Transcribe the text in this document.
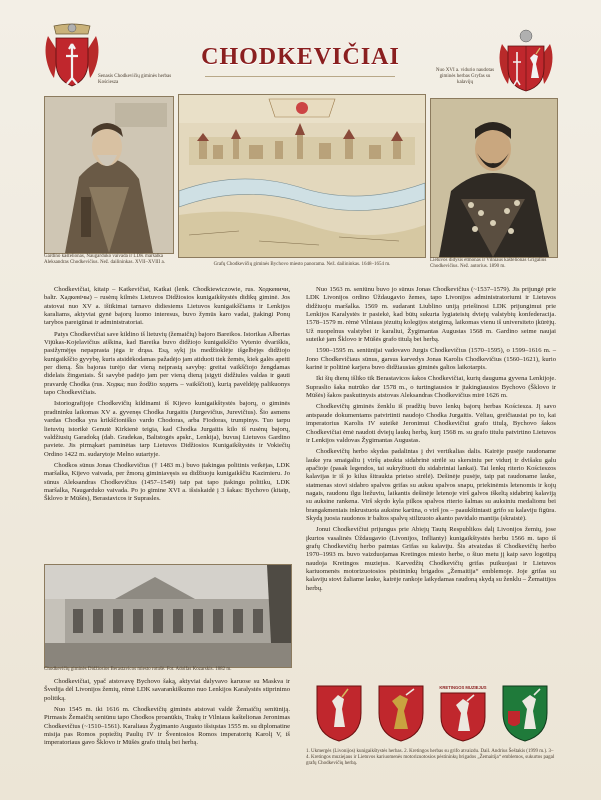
Senasis Chodkevičių giminės herbas Kościesza
CHODKEVIČIAI
Nuo XVI a. vidurio naudotas giminės herbas Gryfas su kalavijų
Gardino kaštelionas, Naugarduko vaivada ir LDK maršalka Aleksandras Chodkevičius. Než. dailininkas. XVII–XVIII a.	Grafų Chodkevičių giminės Bychovo miesto panorama. Než. dailininkas. 1648–1654 m.
Lietuvos didysis etmonas ir Vilniaus kaštelionas Grigalius Chodkevičius. Než. autorius. 1890 m.

Chodkevičiai, kitaip – Katkevičiai, Katkai (lenk. Chodkiewiczowie, rus. Ходкевичи, baltr. Хадкевічы) – rusėnų kilmės Lietuvos Didžiosios kunigaikštystės didikų giminė. Jos atstovai nuo XV a. ištikimai tarnavo didiesiems Lietuvos kunigaikščiams ir Lenkijos karaliams, aktyviai gynė bajorų luomo interesus, buvo žymūs karo vadai, įtakingi Ponų tarybos pareigūnai ir administratoriai.

Patys Chodkevičiai save kildino iš lietuvių (žemaičių) bajoro Bareikos. Istorikas Albertas Vijūkas-Kojelavičius aiškina, kad Bareika buvo didžiojo kunigaikščio Vytenio dvariškis, pasižymėjęs nepaprasta jėga ir drąsa. Esą, sykį jis medžioklėje išgelbėjęs didžiojo kunigaikščio gyvybę, kuris atsidėkodamas pažadėjo jam atiduoti tiek žemės, kiek galės apeiti per dieną. Šis bajoras turėjo dar vieną neįprastą savybę: greitai vaikščiojo žengdamas didelais žingsniais. Ši savybė padėjo jam per vieną dieną įsigyti didžiules valdas ir gauti pravardę Chodka (rus. Ходка; nuo žodžio ходить – vaikščioti), kurią pavėldėję palikuonys tapo Chodkevičiais.

Istoriografijoje Chodkevičių kildinami iš Kijevo kunigaikštystės bajorų, o giminės pradininku laikomas XV a. gyvenęs Chodka Jurgaitis (Jurgevičius, Jurevičius). Šio asmens vardas Chodka yra krikščioniško vardo Chodoras, arba Fiodoras, trumpinys. Tuo tarpu lietuvių istorikė Genutė Kirkienė teigia, kad Chodka Jurgaitis kilo iš rusėnų bajorų, valdžiusių Garadoką (dab. Gradekas, Baltstogės apskr., Lenkija), buvusį Lietuvos Gardino paviete. Jis pirmąkart paminėtas tarp Lietuvos Didžiosios Kunigaikštystės ir Vokiečių Ordino 1422 m. sudarytoje Melno sutartyje.

Chodkos sūnus Jonas Chodkevičius († 1483 m.) buvo įtakingas politinis veikėjas, LDK maršalka, Kijevo vaivada, per žmoną giminiavęsis su didžiuoju kunigaikščiu Kazimieru. Jo sūnus Aleksandras Chodkevičius (1457–1549) taip pat tapo įtakingu politiku, LDK maršalka, Naugarduko vaivada. Po jo gimine XVI a. išsiskaidė į 3 šakas: Bychovo (kitaip, Šklovo ir Mūšės), Berastavicos ir Suprasles.

Chodkevičių giminės Didžiosios Berastavicos miesto rotušė. Fot. Adolfas Kozarskis. 1882 m.

Chodkevičiai, ypač atstovavę Bychovo šaką, aktyviai dalyvavo karuose su Maskva ir Švedija dėl Livonijos žemių, rėmė LDK savarankiškumo nuo Lenkijos Karalystės stiprinimo politiką.

Nuo 1545 m. iki 1616 m. Chodkevičių giminės atstovai valdė Žemaičių seniūniją. Pirmasis Žemaičių seniūnu tapo Chodkos proanūkis, Trakų ir Vilniaus kaštelionas Jeronimas Chodkevičius (~1510–1561). Karaliaus Žygimanto Augusto išsiųstas 1555 m. su diplomatine misija pas Romos popiežių Paulių IV ir Šventosios Romos imperatorių Karolį V, iš imperatoriaus gavo Šklovo ir Mūšės grafo titulą bei herbą.

Nuo 1563 m. seniūnu buvo jo sūnus Jonas Chodkevičius (~1537–1579). Jis prijungė prie LDK Livonijos ordino Ūždaugavio žemes, tapo Livonijos administratoriumi ir Lietuvos didžiuoju maršalka. 1569 m. sudarant Liublino uniją priešinosi LDK prijungimui prie Lenkijos Karalystės ir pasiekė, kad būtų sukurta lygiateisių dviejų valstybių konfederacija. 1578–1579 m. rėmė Vilniaus jėzuitų kolegijos steigimą, laikomas vienu iš universiteto įkūrėjų. Už nuopelnus valstybei ir karaliui, Žygimantas Augustas 1568 m. Gardino seime naujai suteikė jam Šklovo ir Mūšės grafo titulą bei herbą.

1590–1595 m. seniūnijai vadovavo Jurgis Chodkevičius (1570–1595), o 1599–1616 m. – Jono Chodkevičiaus sūnus, garsus karvedys Jonas Karolis Chodkevičius (1560–1621), kurio karinė ir politinė karjera buvo didžiausias giminės galios laikotarpis.

Iki šių dienų išliko tik Berastavicos šakos Chodkevičiai, kurių dauguma gyvena Lenkijoje. Suprasliо šaka nutrūko dar 1578 m., o turtingiausios ir įtakingiausios Bychovo (Šklovo ir Mūšės) šakos paskutinysis atstovas Aleksandras Chodkevičius mirė 1626 m.

Chodkevičių giminės ženklu iš pradžių buvo lenkų bajorų herbas Kościesza. Jį savo antspaude dokumentams patvirtinti naudojo Chodka Jurgaitis. Vėliau, greičiausiai po to, kai imperatorius Karolis IV suteikė Jeronimui Chodkevičiui grafo titulą, Bychovo šakos Chodkevičiai ėmė naudoti dviejų laukų herbą, kurį 1568 m. su grafo titulu patvirtino Lietuvos ir Lenkijos valdovas Žygimantas Augustas.

Chodkevičių herbo skydas padalintas į dvi vertikalias dalis. Kairėje pusėje raudoname lauke yra smaigaliu į viršų atsukta sidabrinė strėlė su skersiniu per vidurį ir dvišaku galu apačioje (pasak legendos, tai sukryžiuoti du sidabriniai lankai). Tai lenkų riterio Kościeszos kalavijas ir iš jo kilus šitraukta prieiso strėlė). Dešinėje pusėje, taip pat raudoname lauke, statmenas stovi sidabro spalvos grifas su auksu spalvos snapu, priekinėmis letenomis ir kojų nagais, raudonu ilgu liežuviu, laikantis dešinėje letenoje virš galvos iškeltą sidabrinį kalaviją su auksine rankena. Virš skydo kyla pilkos spalvos riterio šalmas su auksiniu medalionu bei brangakmeniais inkrustuota auksine karūna, o virš jos – paaukštintasti grifo su kalaviju figūra. Skydą juosia raudonos ir baltos spalvų stilizuoto akanto pavidalo mantija (skraistė).

Jonui Chodkevičiui prijungus prie Abiejų Tautų Respublikos dalį Livonijos žemių, jose įkurtos vasalinės Ūždaugavio (Livonijos, Inflianty) kunigaikštystės herbu 1566 m. tapo iš grafų Chodkevičių herbo paimtas Grifas su kalaviju. Šis atvaizdas iš Chodkevičių herbo 1970–1993 m. buvo vaizduojamas Kretingos miesto herbe, o šiuo metu jį kaip savo logotipą naudoja Kretingos muziejus. Karvedžių Chodkevičių grifas puikuojasi ir Lietuvos kariuomenės motorizuotosios pėstininkų brigados „Žemaitija“ emblemoje. Joje grifas su kalaviju stovi žaliame lauke, kairėje rankoje laikydamas raudoną skydą su ženklu – Žemaitijos herbų.

KRETINGOS MUZIEJUS
1. Ukmergės (Livonijos) kunigaikštystės herbas. 2. Kretingos herbas su grifo atvaizdu. Dail. Andrius Šeštakis (1999 m.). 3–4. Kretingos muziejaus ir Lietuvos kariuomenės motorizuotosios pėstininkų brigados „Žemaitija“ emblemos, sukurtos pagal grafų Chodkevičių herbą.
